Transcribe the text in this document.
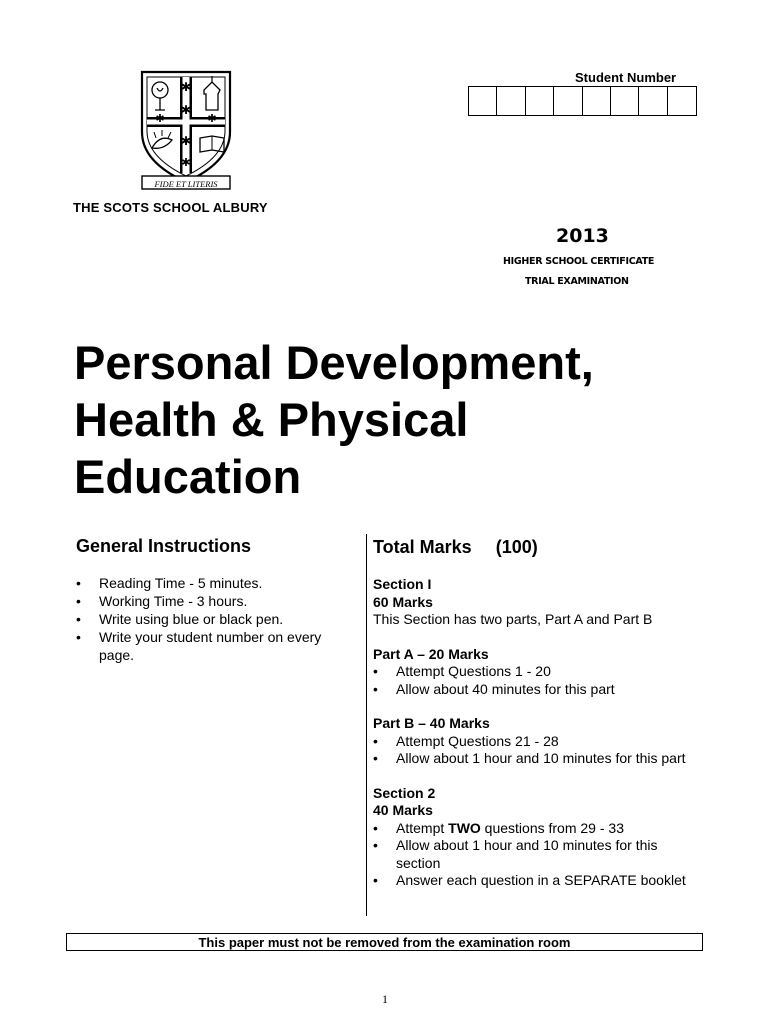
✱
✱
✱
✱
✱	✱
FIDE ET LITERIS
THE SCOTS SCHOOL ALBURY
Student Number
2013
HIGHER SCHOOL CERTIFICATE
TRIAL EXAMINATION
Personal Development,
Health & Physical
Education
General Instructions
• Reading Time - 5 minutes.
• Working Time - 3 hours.
• Write using blue or black pen.
• Write your student number on every page.
Total Marks (100)
Section I
60 Marks
This Section has two parts, Part A and Part B
Part A – 20 Marks
• Attempt Questions 1 - 20
• Allow about 40 minutes for this part
Part B – 40 Marks
• Attempt Questions 21 - 28
• Allow about 1 hour and 10 minutes for this part
Section 2
40 Marks
• Attempt TWO questions from 29 - 33
• Allow about 1 hour and 10 minutes for this section
• Answer each question in a SEPARATE booklet
This paper must not be removed from the examination room
1
